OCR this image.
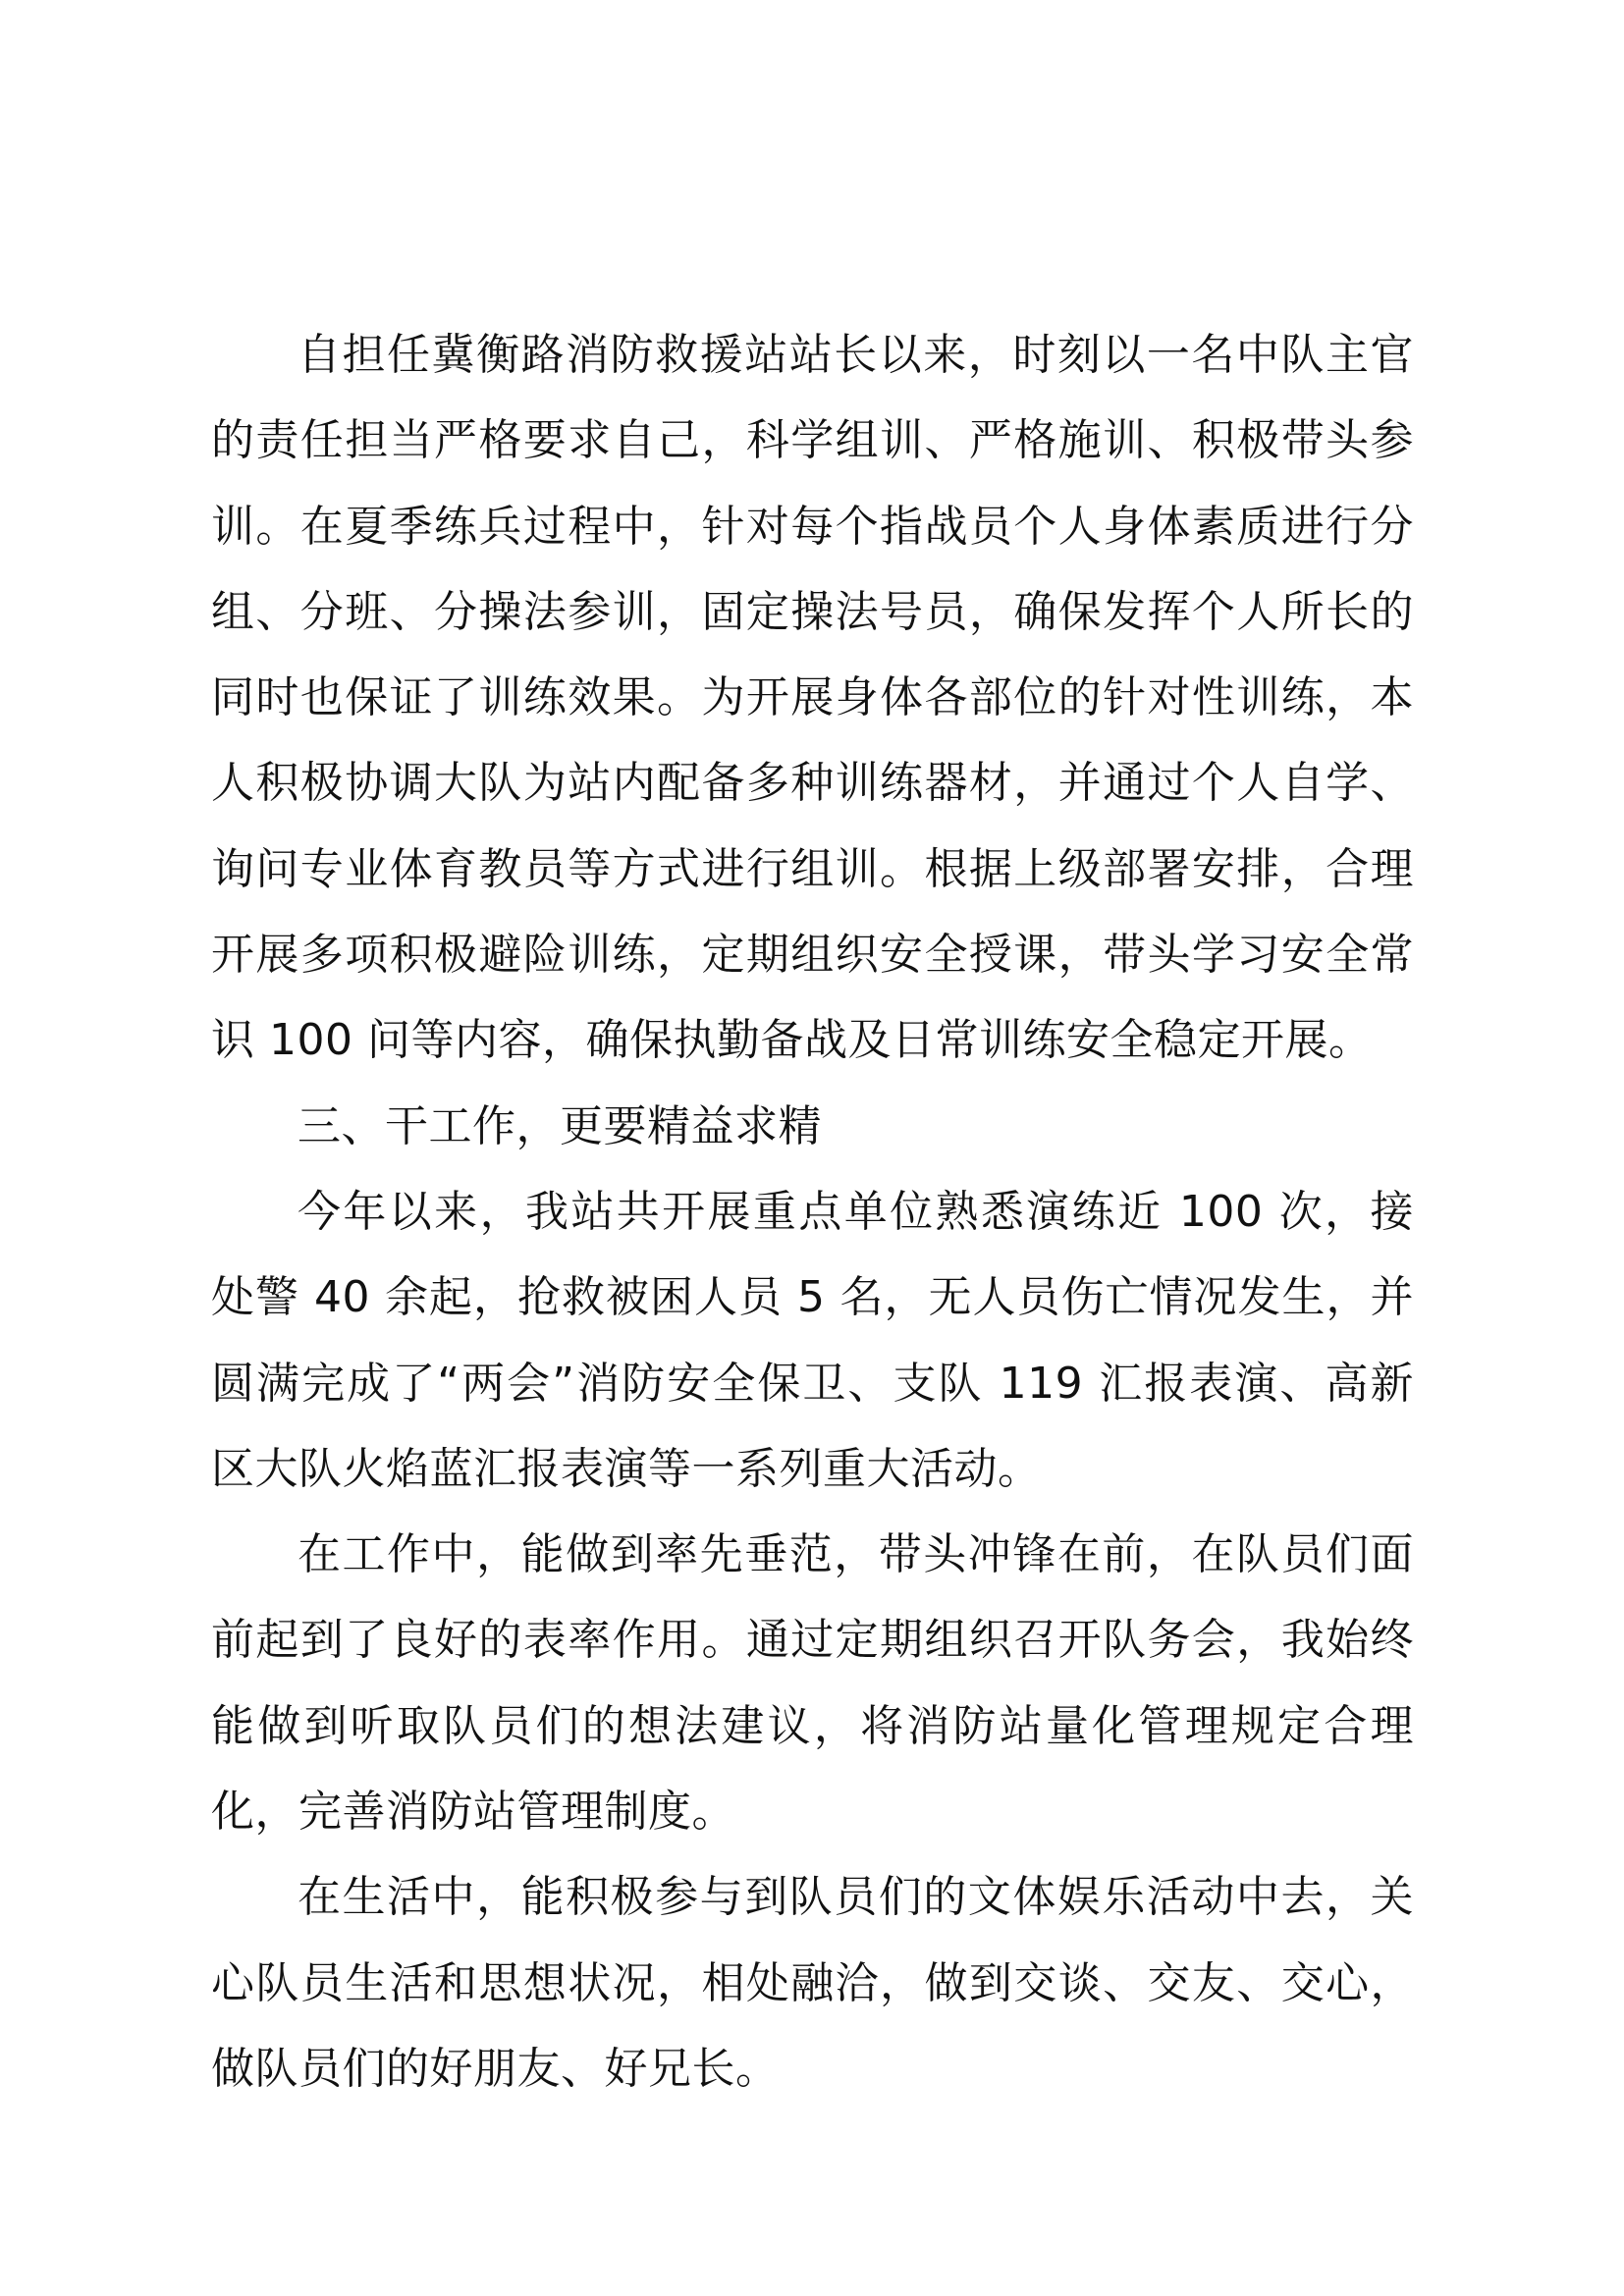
自担任冀衡路消防救援站站长以来，时刻以一名中队主官的责任担当严格要求自己，科学组训、严格施训、积极带头参训。在夏季练兵过程中，针对每个指战员个人身体素质进行分组、分班、分操法参训，固定操法号员，确保发挥个人所长的同时也保证了训练效果。为开展身体各部位的针对性训练，本人积极协调大队为站内配备多种训练器材，并通过个人自学、询问专业体育教员等方式进行组训。根据上级部署安排，合理开展多项积极避险训练，定期组织安全授课，带头学习安全常识 100 问等内容，确保执勤备战及日常训练安全稳定开展。

三、干工作，更要精益求精

今年以来，我站共开展重点单位熟悉演练近 100 次，接处警 40 余起，抢救被困人员 5 名，无人员伤亡情况发生，并圆满完成了“两会”消防安全保卫、支队 119 汇报表演、高新区大队火焰蓝汇报表演等一系列重大活动。

在工作中，能做到率先垂范，带头冲锋在前，在队员们面前起到了良好的表率作用。通过定期组织召开队务会，我始终能做到听取队员们的想法建议，将消防站量化管理规定合理化，完善消防站管理制度。

在生活中，能积极参与到队员们的文体娱乐活动中去，关心队员生活和思想状况，相处融洽，做到交谈、交友、交心，做队员们的好朋友、好兄长。
